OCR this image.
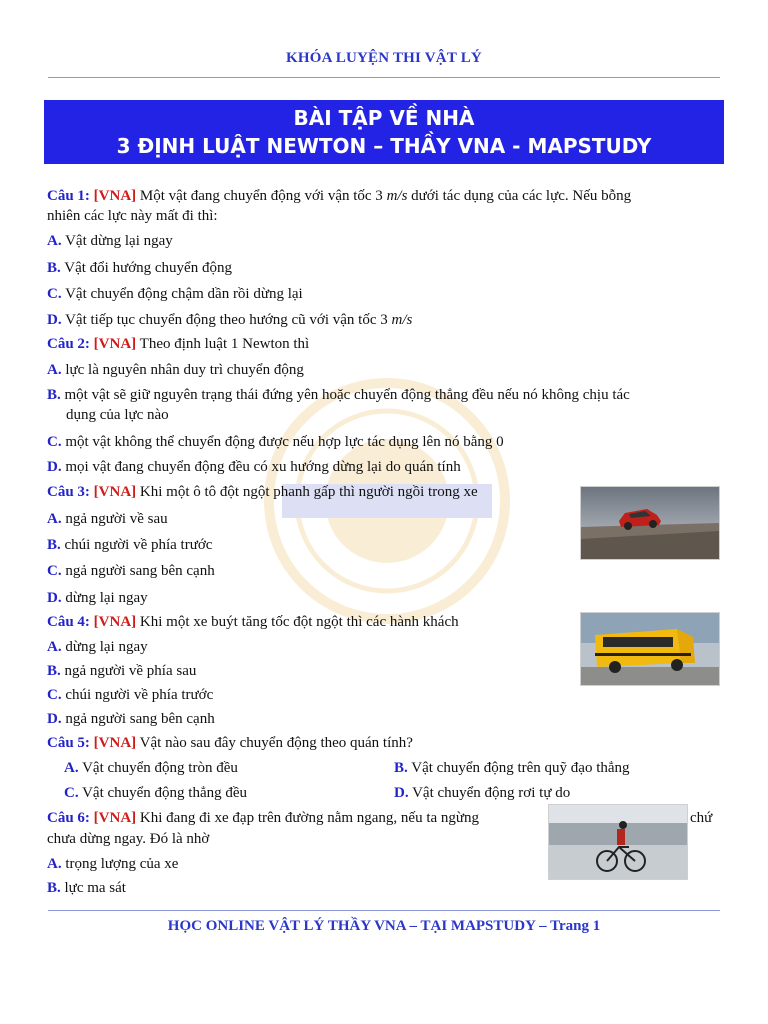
KHÓA LUYỆN THI VẬT LÝ
BÀI TẬP VỀ NHÀ
3 ĐỊNH LUẬT NEWTON – THẦY VNA - MAPSTUDY
Câu 1: [VNA] Một vật đang chuyển động với vận tốc 3 m/s dưới tác dụng của các lực. Nếu bỗng
nhiên các lực này mất đi thì:
A. Vật dừng lại ngay
B. Vật đổi hướng chuyển động
C. Vật chuyển động chậm dần rồi dừng lại
D. Vật tiếp tục chuyển động theo hướng cũ với vận tốc 3 m/s
Câu 2: [VNA] Theo định luật 1 Newton thì
A. lực là nguyên nhân duy trì chuyển động
B. một vật sẽ giữ nguyên trạng thái đứng yên hoặc chuyển động thẳng đều nếu nó không chịu tác
dụng của lực nào
C. một vật không thể chuyển động được nếu hợp lực tác dụng lên nó bằng 0
D. mọi vật đang chuyển động đều có xu hướng dừng lại do quán tính
Câu 3: [VNA] Khi một ô tô đột ngột phanh gấp thì người ngồi trong xe
A. ngả người về sau
B. chúi người về phía trước
C. ngả người sang bên cạnh
D. dừng lại ngay
Câu 4: [VNA] Khi một xe buýt tăng tốc đột ngột thì các hành khách
A. dừng lại ngay
B. ngả người về phía sau
C. chúi người về phía trước
D. ngả người sang bên cạnh
Câu 5: [VNA] Vật nào sau đây chuyển động theo quán tính?
A. Vật chuyển động tròn đều	B. Vật chuyển động trên quỹ đạo thẳng
C. Vật chuyển động thẳng đều	D. Vật chuyển động rơi tự do
Câu 6: [VNA] Khi đang đi xe đạp trên đường nằm ngang, nếu ta ngừng	chứ
chưa dừng ngay. Đó là nhờ
A. trọng lượng của xe
B. lực ma sát
HỌC ONLINE VẬT LÝ THẦY VNA – TẠI MAPSTUDY – Trang 1
